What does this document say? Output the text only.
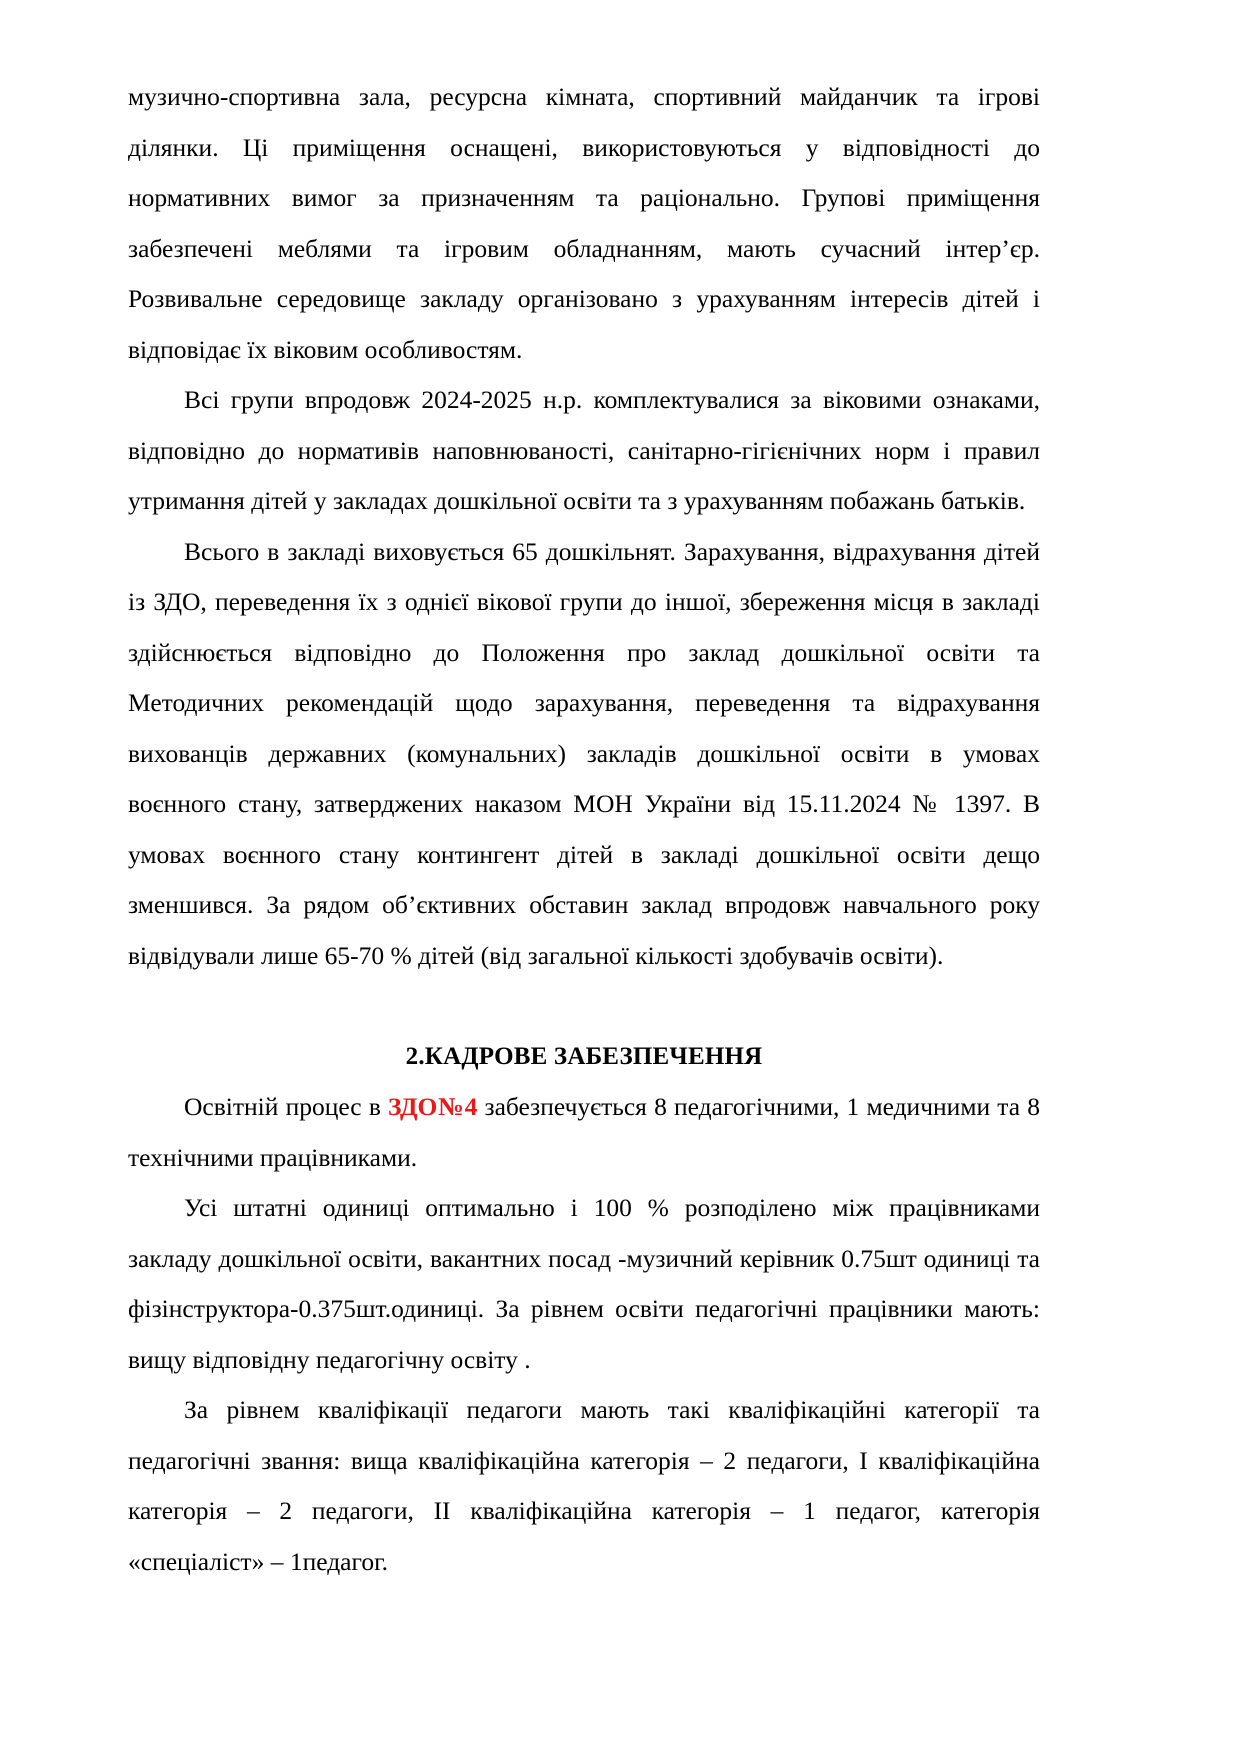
музично-спортивна зала, ресурсна кімната, спортивний майданчик та ігрові ділянки. Ці приміщення оснащені, використовуються у відповідності до нормативних вимог за призначенням та раціонально. Групові приміщення забезпечені меблями та ігровим обладнанням, мають сучасний інтер’єр. Розвивальне середовище закладу організовано з урахуванням інтересів дітей і відповідає їх віковим особливостям.

Всі групи впродовж 2024-2025 н.р. комплектувалися за віковими ознаками, відповідно до нормативів наповнюваності, санітарно-гігієнічних норм і правил утримання дітей у закладах дошкільної освіти та з урахуванням побажань батьків.

Всього в закладі виховується 65 дошкільнят. Зарахування, відрахування дітей із ЗДО, переведення їх з однієї вікової групи до іншої, збереження місця в закладі здійснюється відповідно до Положення про заклад дошкільної освіти та Методичних рекомендацій щодо зарахування, переведення та відрахування вихованців державних (комунальних) закладів дошкільної освіти в умовах воєнного стану, затверджених наказом МОН України від 15.11.2024 № 1397. В умовах воєнного стану контингент дітей в закладі дошкільної освіти дещо зменшився. За рядом об’єктивних обставин заклад впродовж навчального року відвідували лише 65-70 % дітей (від загальної кількості здобувачів освіти).

2.КАДРОВЕ ЗАБЕЗПЕЧЕННЯ

Освітній процес в ЗДО№4 забезпечується 8 педагогічними, 1 медичними та 8 технічними працівниками.

Усі штатні одиниці оптимально і 100 % розподілено між працівниками закладу дошкільної освіти, вакантних посад -музичний керівник 0.75шт одиниці та фізінструктора-0.375шт.одиниці. За рівнем освіти педагогічні працівники мають: вищу відповідну педагогічну освіту .

За рівнем кваліфікації педагоги мають такі кваліфікаційні категорії та педагогічні звання: вища кваліфікаційна категорія – 2 педагоги, І кваліфікаційна категорія – 2 педагоги, ІІ кваліфікаційна категорія – 1 педагог, категорія «спеціаліст» – 1педагог.
